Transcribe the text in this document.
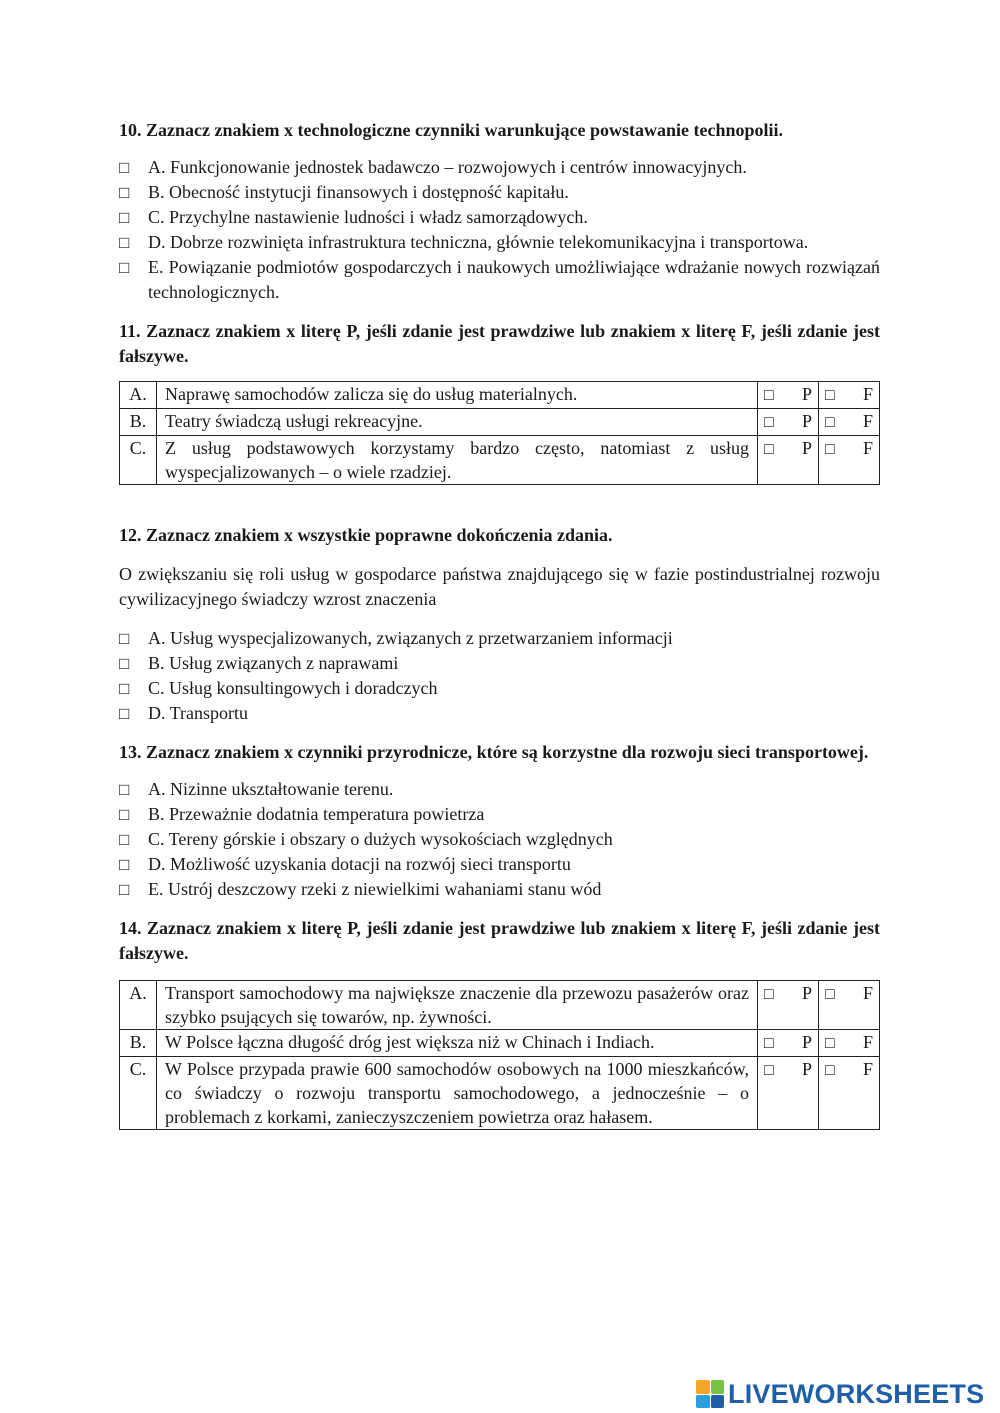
10. Zaznacz znakiem x technologiczne czynniki warunkujące powstawanie technopolii.

□ A. Funkcjonowanie jednostek badawczo – rozwojowych i centrów innowacyjnych.
□ B. Obecność instytucji finansowych i dostępność kapitału.
□ C. Przychylne nastawienie ludności i władz samorządowych.
□ D. Dobrze rozwinięta infrastruktura techniczna, głównie telekomunikacyjna i transportowa.
□ E. Powiązanie podmiotów gospodarczych i naukowych umożliwiające wdrażanie nowych rozwiązań technologicznych.

11. Zaznacz znakiem x literę P, jeśli zdanie jest prawdziwe lub znakiem x literę F, jeśli zdanie jest fałszywe.

A.	Naprawę samochodów zalicza się do usług materialnych.	□ P	□ F

B.	Teatry świadczą usługi rekreacyjne.	□ P	□ F

C.	Z usług podstawowych korzystamy bardzo często, natomiast z usług wyspecjalizowanych – o wiele rzadziej.	□ P	□ F

12. Zaznacz znakiem x wszystkie poprawne dokończenia zdania.

O zwiększaniu się roli usług w gospodarce państwa znajdującego się w fazie postindustrialnej rozwoju cywilizacyjnego świadczy wzrost znaczenia

□ A. Usług wyspecjalizowanych, związanych z przetwarzaniem informacji
□ B. Usług związanych z naprawami
□ C. Usług konsultingowych i doradczych
□ D. Transportu

13. Zaznacz znakiem x czynniki przyrodnicze, które są korzystne dla rozwoju sieci transportowej.

□ A. Nizinne ukształtowanie terenu.
□ B. Przeważnie dodatnia temperatura powietrza
□ C. Tereny górskie i obszary o dużych wysokościach względnych
□ D. Możliwość uzyskania dotacji na rozwój sieci transportu
□ E. Ustrój deszczowy rzeki z niewielkimi wahaniami stanu wód

14. Zaznacz znakiem x literę P, jeśli zdanie jest prawdziwe lub znakiem x literę F, jeśli zdanie jest fałszywe.

A.	Transport samochodowy ma największe znaczenie dla przewozu pasażerów oraz szybko psujących się towarów, np. żywności.	□ P	□ F

B.	W Polsce łączna długość dróg jest większa niż w Chinach i Indiach.	□ P	□ F

C.	W Polsce przypada prawie 600 samochodów osobowych na 1000 mieszkańców, co świadczy o rozwoju transportu samochodowego, a jednocześnie – o problemach z korkami, zanieczyszczeniem powietrza oraz hałasem.	□ P	□ F
LIVEWORKSHEETS
